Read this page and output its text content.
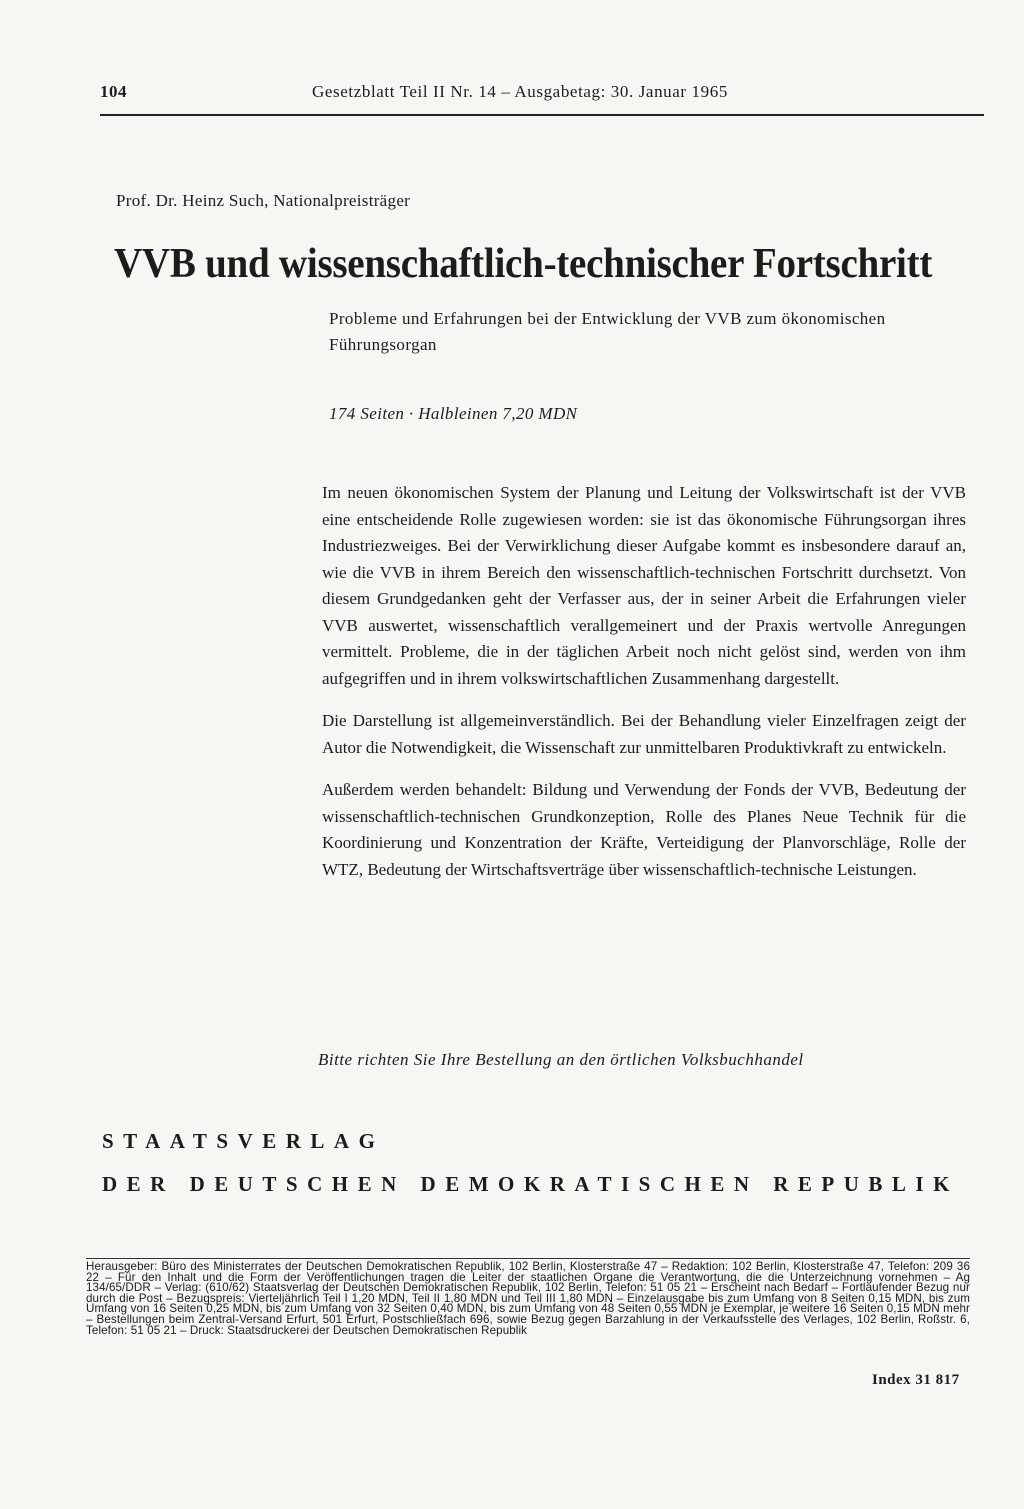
104	Gesetzblatt Teil II Nr. 14 – Ausgabetag: 30. Januar 1965
Prof. Dr. Heinz Such, Nationalpreisträger
VVB und wissenschaftlich-technischer Fortschritt
Probleme und Erfahrungen bei der Entwicklung der VVB zum ökonomischen Führungsorgan
174 Seiten · Halbleinen 7,20 MDN

Im neuen ökonomischen System der Planung und Leitung der Volkswirtschaft ist der VVB eine entscheidende Rolle zugewiesen worden: sie ist das ökonomische Führungsorgan ihres Industriezweiges. Bei der Verwirklichung dieser Aufgabe kommt es insbesondere darauf an, wie die VVB in ihrem Bereich den wissenschaftlich-technischen Fortschritt durchsetzt. Von diesem Grundgedanken geht der Verfasser aus, der in seiner Arbeit die Erfahrungen vieler VVB auswertet, wissenschaftlich verallgemeinert und der Praxis wertvolle Anregungen vermittelt. Probleme, die in der täglichen Arbeit noch nicht gelöst sind, werden von ihm aufgegriffen und in ihrem volkswirtschaftlichen Zusammenhang dargestellt.

Die Darstellung ist allgemeinverständlich. Bei der Behandlung vieler Einzelfragen zeigt der Autor die Notwendigkeit, die Wissenschaft zur unmittelbaren Produktivkraft zu entwickeln.

Außerdem werden behandelt: Bildung und Verwendung der Fonds der VVB, Bedeutung der wissenschaftlich-technischen Grundkonzeption, Rolle des Planes Neue Technik für die Koordinierung und Konzentration der Kräfte, Verteidigung der Planvorschläge, Rolle der WTZ, Bedeutung der Wirtschaftsverträge über wissenschaftlich-technische Leistungen.

Bitte richten Sie Ihre Bestellung an den örtlichen Volksbuchhandel
STAATSVERLAG
DER DEUTSCHEN DEMOKRATISCHEN REPUBLIK
Herausgeber: Büro des Ministerrates der Deutschen Demokratischen Republik, 102 Berlin, Klosterstraße 47 – Redaktion: 102 Berlin, Klosterstraße 47, Telefon: 209 36 22 – Für den Inhalt und die Form der Veröffentlichungen tragen die Leiter der staatlichen Organe die Verantwortung, die die Unterzeichnung vornehmen – Ag 134/65/DDR – Verlag: (610/62) Staatsverlag der Deutschen Demokratischen Republik, 102 Berlin, Telefon: 51 05 21 – Erscheint nach Bedarf – Fortlaufender Bezug nur durch die Post – Bezugspreis: Vierteljährlich Teil I 1,20 MDN, Teil II 1,80 MDN und Teil III 1,80 MDN – Einzelausgabe bis zum Umfang von 8 Seiten 0,15 MDN, bis zum Umfang von 16 Seiten 0,25 MDN, bis zum Umfang von 32 Seiten 0,40 MDN, bis zum Umfang von 48 Seiten 0,55 MDN je Exemplar, je weitere 16 Seiten 0,15 MDN mehr – Bestellungen beim Zentral-Versand Erfurt, 501 Erfurt, Postschließfach 696, sowie Bezug gegen Barzahlung in der Verkaufsstelle des Verlages, 102 Berlin, Roßstr. 6, Telefon: 51 05 21 – Druck: Staatsdruckerei der Deutschen Demokratischen Republik
Index 31 817
